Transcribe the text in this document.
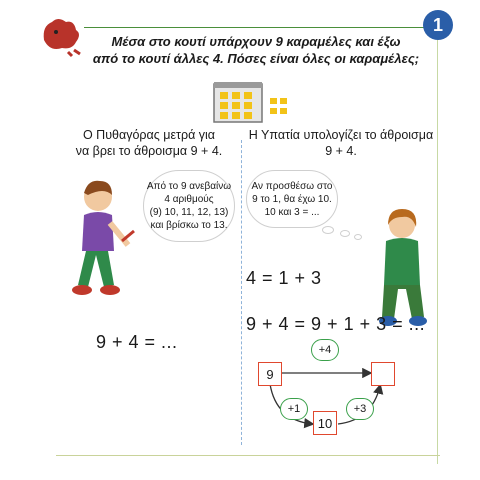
1
Μέσα στο κουτί υπάρχουν 9 καραμέλες και έξω
από το κουτί άλλες 4. Πόσες είναι όλες οι καραμέλες;
Ο Πυθαγόρας μετρά για
να βρει το άθροισμα 9 + 4.
Από το 9 ανεβαίνω
4 αριθμούς
(9) 10, 11, 12, 13)
και βρίσκω το 13.
9 + 4 = ...
Η Υπατία υπολογίζει το άθροισμα
9 + 4.
Αν προσθέσω στο
9 το 1, θα έχω 10.
10 και 3 = ...
4 = 1 + 3
9 + 4 = 9 + 1 + 3 = ...
9
10
+4
+1	+3
